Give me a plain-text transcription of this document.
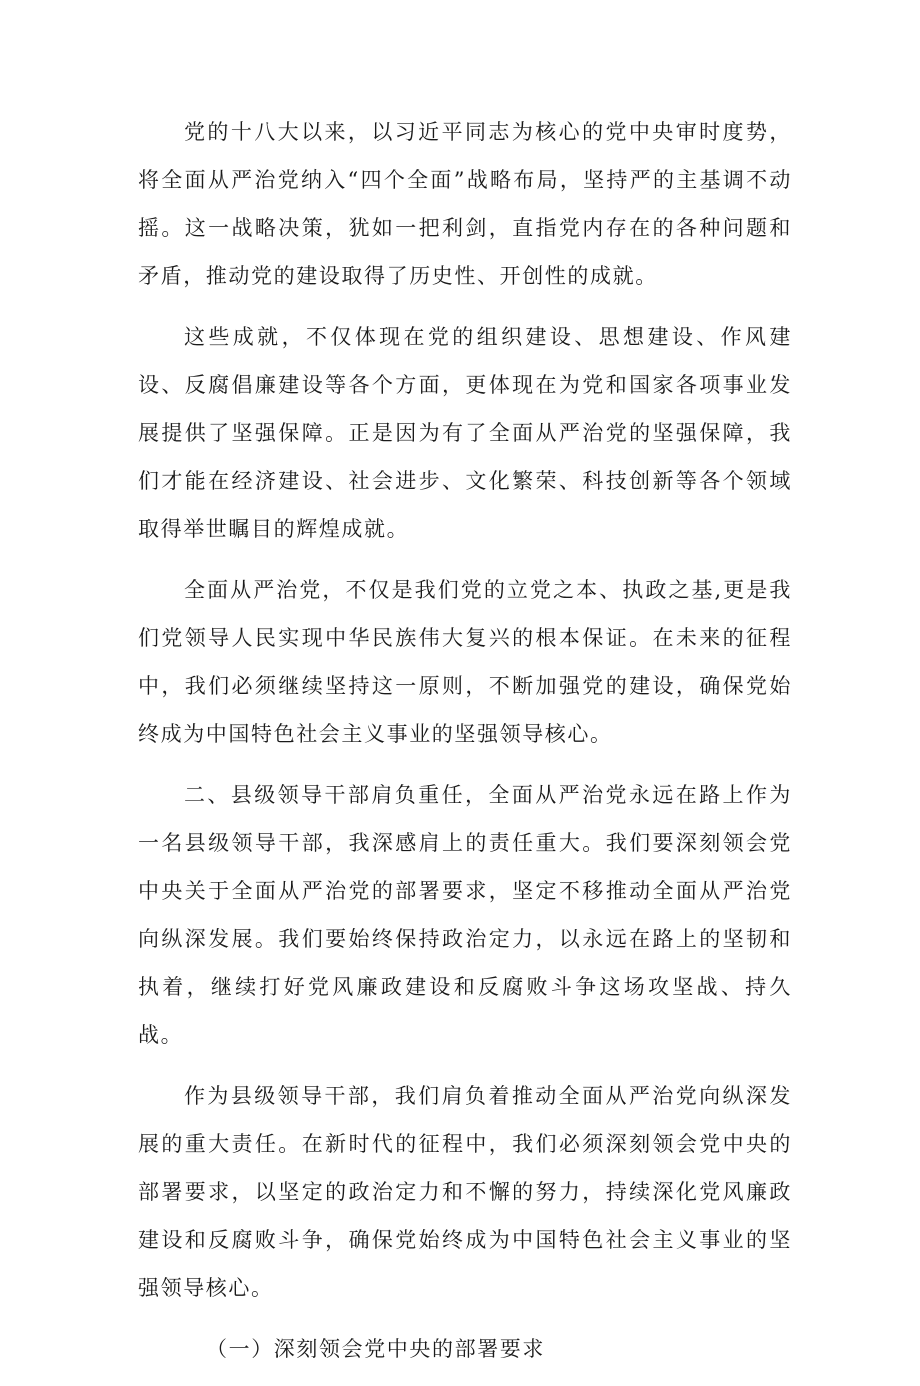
党的十八大以来，以习近平同志为核心的党中央审时度势，将全面从严治党纳入“四个全面”战略布局，坚持严的主基调不动摇。这一战略决策，犹如一把利剑，直指党内存在的各种问题和矛盾，推动党的建设取得了历史性、开创性的成就。

这些成就，不仅体现在党的组织建设、思想建设、作风建设、反腐倡廉建设等各个方面，更体现在为党和国家各项事业发展提供了坚强保障。正是因为有了全面从严治党的坚强保障，我们才能在经济建设、社会进步、文化繁荣、科技创新等各个领域取得举世瞩目的辉煌成就。

全面从严治党，不仅是我们党的立党之本、执政之基,更是我们党领导人民实现中华民族伟大复兴的根本保证。在未来的征程中，我们必须继续坚持这一原则，不断加强党的建设，确保党始终成为中国特色社会主义事业的坚强领导核心。

二、县级领导干部肩负重任，全面从严治党永远在路上作为一名县级领导干部，我深感肩上的责任重大。我们要深刻领会党中央关于全面从严治党的部署要求，坚定不移推动全面从严治党向纵深发展。我们要始终保持政治定力，以永远在路上的坚韧和执着，继续打好党风廉政建设和反腐败斗争这场攻坚战、持久战。

作为县级领导干部，我们肩负着推动全面从严治党向纵深发展的重大责任。在新时代的征程中，我们必须深刻领会党中央的部署要求，以坚定的政治定力和不懈的努力，持续深化党风廉政建设和反腐败斗争，确保党始终成为中国特色社会主义事业的坚强领导核心。

（一）深刻领会党中央的部署要求
